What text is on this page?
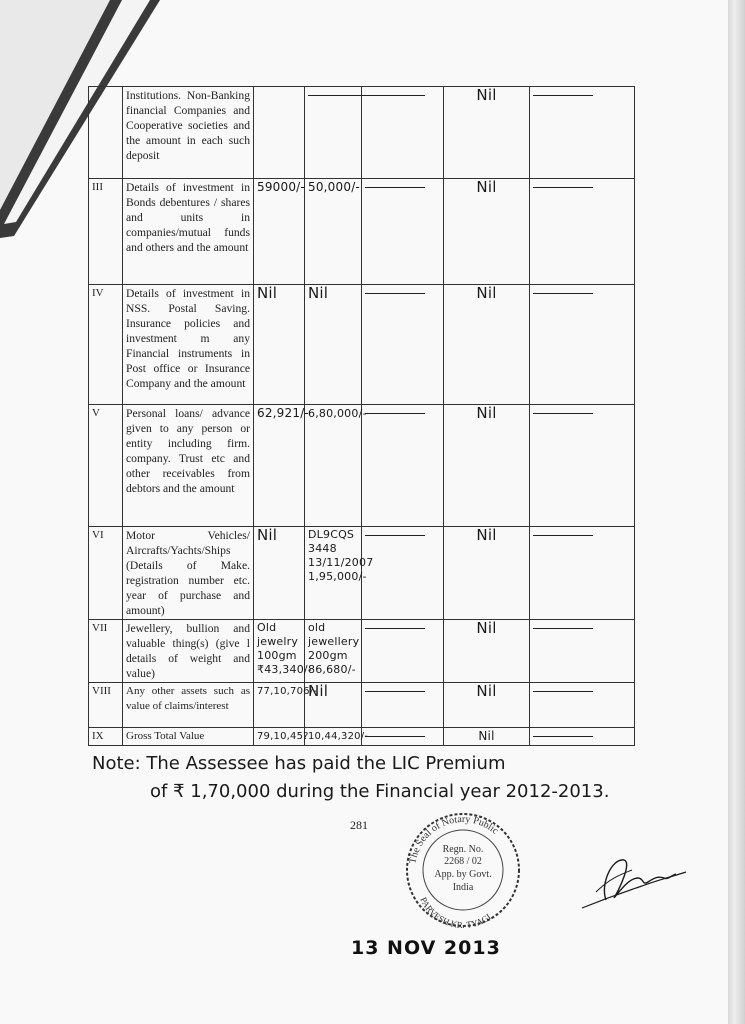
	Institutions. Non-Banking financial Companies and Cooperative societies and the amount in each such deposit				Nil	
III	Details of investment in Bonds debentures / shares and units in companies/mutual funds and others and the amount	59000/-	50,000/-		Nil	
IV	Details of investment in NSS. Postal Saving. Insurance policies and investment m any Financial instruments in Post office or Insurance Company and the amount	Nil	Nil		Nil	
V	Personal loans/ advance given to any person or entity including firm. company. Trust etc and other receivables from debtors and the amount	62,921/-	6,80,000/-		Nil	
VI	Motor Vehicles/ Aircrafts/Yachts/Ships (Details of Make. registration number etc. year of purchase and amount)	Nil	DL9CQS 3448 13/11/2007 1,95,000/-		Nil	
VII	Jewellery, bullion and valuable thing(s) (give l details of weight and value)	Old jewelry 100gm ₹43,340/-	old jewellery 200gm 86,680/-		Nil	
VIII	Any other assets such as value of claims/interest	77,10,706/-	Nil		Nil	
IX	Gross Total Value	79,10,45?	10,44,320/-		Nil	
Note: The Assessee has paid the LIC Premium
of ₹ 1,70,000 during the Financial year 2012-2013.
281
The Seal of Notary Public
PARVESH KR. TYAGI
Regn. No.
2268 / 02
App. by Govt.
India
13 NOV 2013
